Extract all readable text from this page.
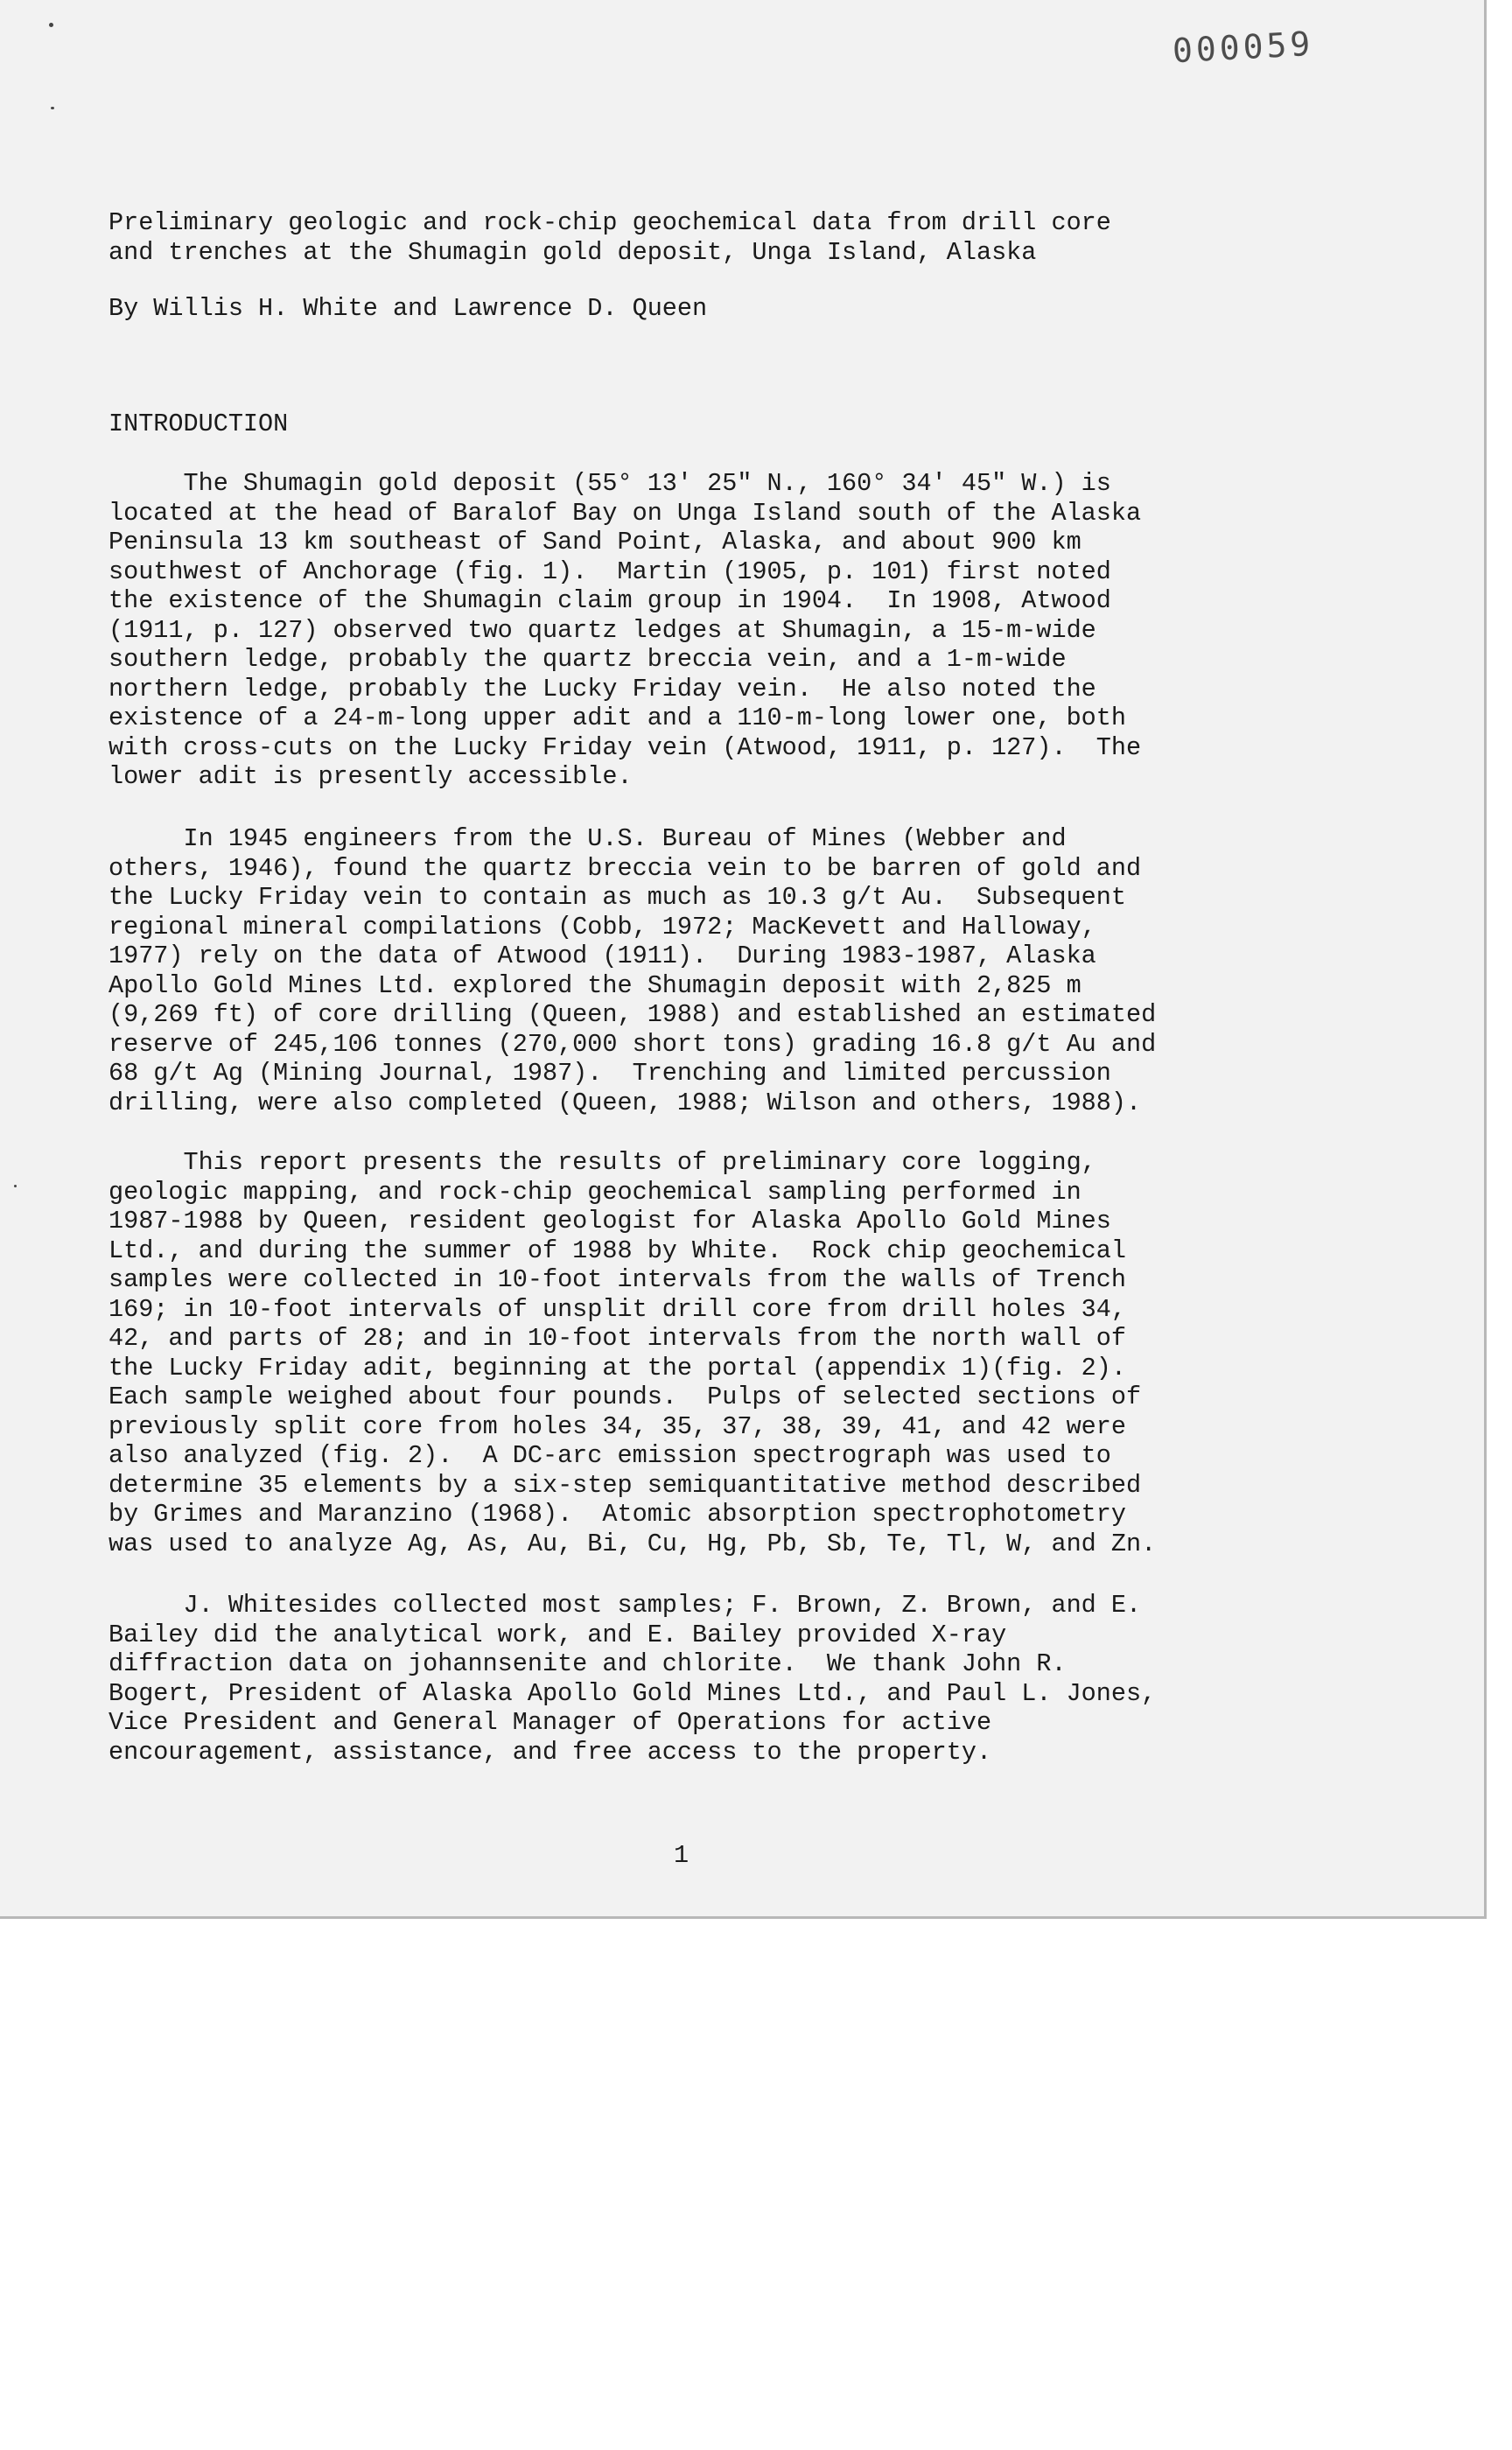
000059
Preliminary geologic and rock-chip geochemical data from drill core
and trenches at the Shumagin gold deposit, Unga Island, Alaska
By Willis H. White and Lawrence D. Queen
INTRODUCTION
The Shumagin gold deposit (55° 13' 25" N., 160° 34' 45" W.) is
located at the head of Baralof Bay on Unga Island south of the Alaska
Peninsula 13 km southeast of Sand Point, Alaska, and about 900 km
southwest of Anchorage (fig. 1).  Martin (1905, p. 101) first noted
the existence of the Shumagin claim group in 1904.  In 1908, Atwood
(1911, p. 127) observed two quartz ledges at Shumagin, a 15-m-wide
southern ledge, probably the quartz breccia vein, and a 1-m-wide
northern ledge, probably the Lucky Friday vein.  He also noted the
existence of a 24-m-long upper adit and a 110-m-long lower one, both
with cross-cuts on the Lucky Friday vein (Atwood, 1911, p. 127).  The
lower adit is presently accessible.
In 1945 engineers from the U.S. Bureau of Mines (Webber and
others, 1946), found the quartz breccia vein to be barren of gold and
the Lucky Friday vein to contain as much as 10.3 g/t Au.  Subsequent
regional mineral compilations (Cobb, 1972; MacKevett and Halloway,
1977) rely on the data of Atwood (1911).  During 1983-1987, Alaska
Apollo Gold Mines Ltd. explored the Shumagin deposit with 2,825 m
(9,269 ft) of core drilling (Queen, 1988) and established an estimated
reserve of 245,106 tonnes (270,000 short tons) grading 16.8 g/t Au and
68 g/t Ag (Mining Journal, 1987).  Trenching and limited percussion
drilling, were also completed (Queen, 1988; Wilson and others, 1988).
This report presents the results of preliminary core logging,
geologic mapping, and rock-chip geochemical sampling performed in
1987-1988 by Queen, resident geologist for Alaska Apollo Gold Mines
Ltd., and during the summer of 1988 by White.  Rock chip geochemical
samples were collected in 10-foot intervals from the walls of Trench
169; in 10-foot intervals of unsplit drill core from drill holes 34,
42, and parts of 28; and in 10-foot intervals from the north wall of
the Lucky Friday adit, beginning at the portal (appendix 1)(fig. 2).
Each sample weighed about four pounds.  Pulps of selected sections of
previously split core from holes 34, 35, 37, 38, 39, 41, and 42 were
also analyzed (fig. 2).  A DC-arc emission spectrograph was used to
determine 35 elements by a six-step semiquantitative method described
by Grimes and Maranzino (1968).  Atomic absorption spectrophotometry
was used to analyze Ag, As, Au, Bi, Cu, Hg, Pb, Sb, Te, Tl, W, and Zn.
J. Whitesides collected most samples; F. Brown, Z. Brown, and E.
Bailey did the analytical work, and E. Bailey provided X-ray
diffraction data on johannsenite and chlorite.  We thank John R.
Bogert, President of Alaska Apollo Gold Mines Ltd., and Paul L. Jones,
Vice President and General Manager of Operations for active
encouragement, assistance, and free access to the property.
1
